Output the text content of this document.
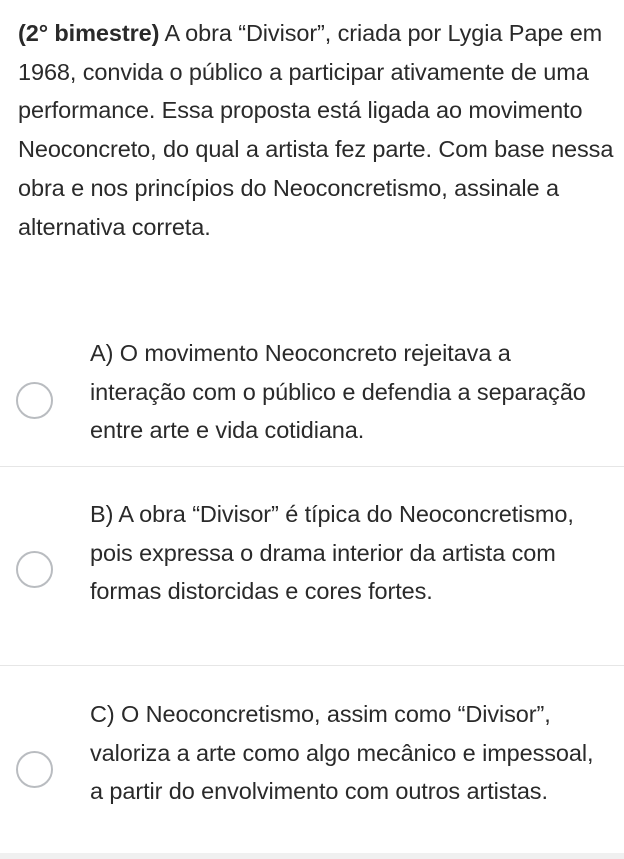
(2° bimestre) A obra “Divisor”, criada por Lygia Pape em 1968, convida o público a participar ativamente de uma performance. Essa proposta está ligada ao movimento Neoconcreto, do qual a artista fez parte. Com base nessa obra e nos princípios do Neoconcretismo, assinale a alternativa correta.
A) O movimento Neoconcreto rejeitava a interação com o público e defendia a separação entre arte e vida cotidiana.
B) A obra “Divisor” é típica do Neoconcretismo, pois expressa o drama interior da artista com formas distorcidas e cores fortes.
C) O Neoconcretismo, assim como “Divisor”, valoriza a arte como algo mecânico e impessoal, a partir do envolvimento com outros artistas.
